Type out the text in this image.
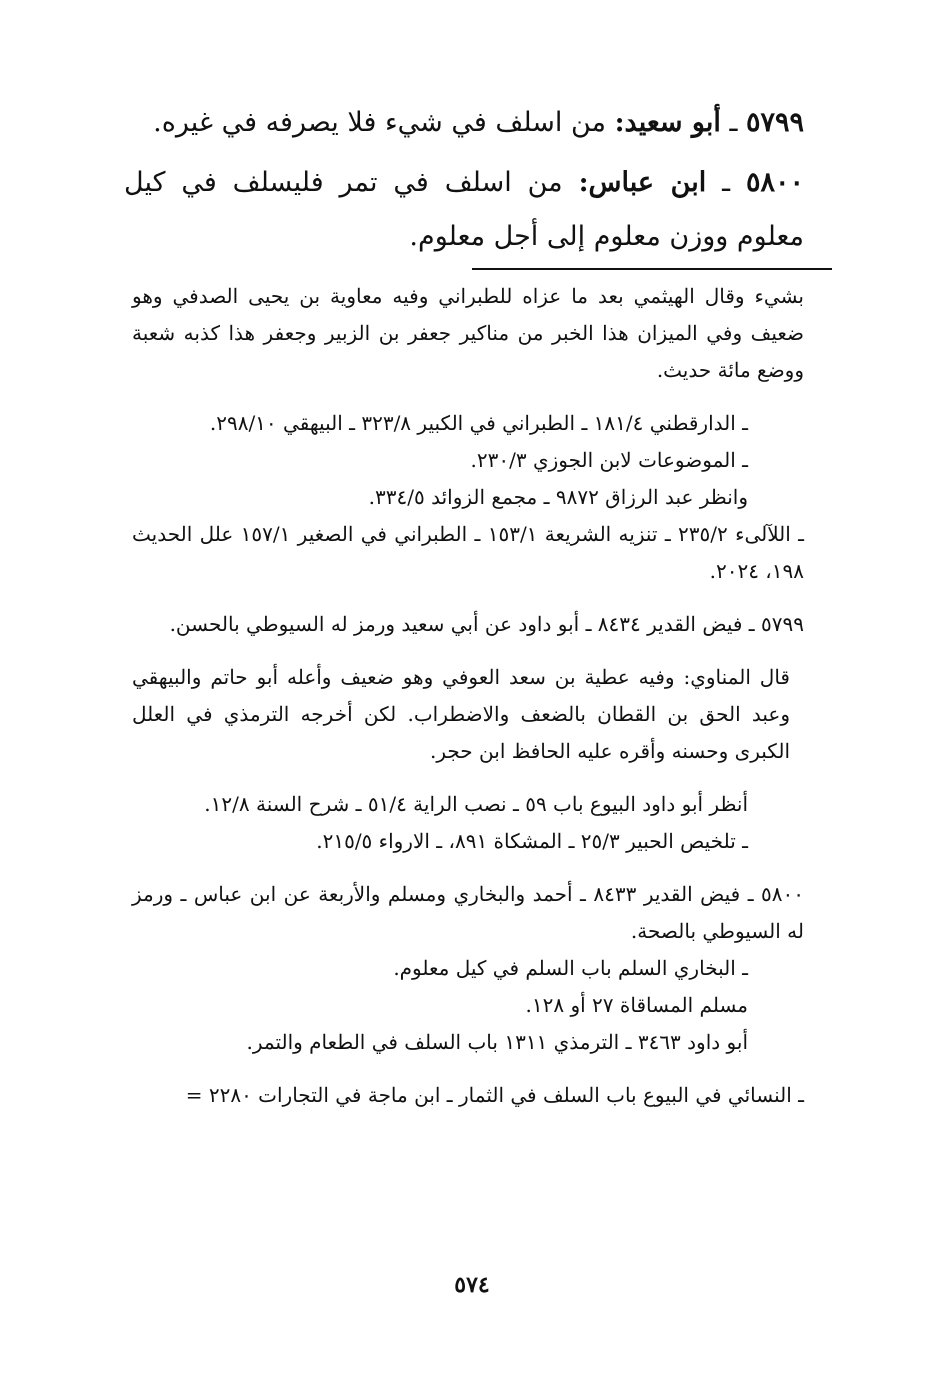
٥٧٩٩ ـ أبو سعيد: من اسلف في شيء فلا يصرفه في غيره.

٥٨٠٠ ـ ابن عباس: من اسلف في تمر فليسلف في كيل معلوم ووزن معلوم إلى أجل معلوم.

بشيء وقال الهيثمي بعد ما عزاه للطبراني وفيه معاوية بن يحيى الصدفي وهو ضعيف وفي الميزان هذا الخبر من مناكير جعفر بن الزبير وجعفر هذا كذبه شعبة ووضع مائة حديث.
ـ الدارقطني ١٨١/٤ ـ الطبراني في الكبير ٣٢٣/٨ ـ البيهقي ٢٩٨/١٠.
ـ الموضوعات لابن الجوزي ٢٣٠/٣.
وانظر عبد الرزاق ٩٨٧٢ ـ مجمع الزوائد ٣٣٤/٥.
ـ اللآلىء ٢٣٥/٢ ـ تنزيه الشريعة ١٥٣/١ ـ الطبراني في الصغير ١٥٧/١ علل الحديث ١٩٨، ٢٠٢٤.
٥٧٩٩ ـ فيض القدير ٨٤٣٤ ـ أبو داود عن أبي سعيد ورمز له السيوطي بالحسن.
قال المناوي: وفيه عطية بن سعد العوفي وهو ضعيف وأعله أبو حاتم والبيهقي وعبد الحق بن القطان بالضعف والاضطراب. لكن أخرجه الترمذي في العلل الكبرى وحسنه وأقره عليه الحافظ ابن حجر.
أنظر أبو داود البيوع باب ٥٩ ـ نصب الراية ٥١/٤ ـ شرح السنة ١٢/٨.
ـ تلخيص الحبير ٢٥/٣ ـ المشكاة ٨٩١، ـ الارواء ٢١٥/٥.
٥٨٠٠ ـ فيض القدير ٨٤٣٣ ـ أحمد والبخاري ومسلم والأربعة عن ابن عباس ـ ورمز له السيوطي بالصحة.
ـ البخاري السلم باب السلم في كيل معلوم.
مسلم المساقاة ٢٧ أو ١٢٨.
أبو داود ٣٤٦٣ ـ الترمذي ١٣١١ باب السلف في الطعام والتمر.
ـ النسائي في البيوع باب السلف في الثمار ـ ابن ماجة في التجارات ٢٢٨٠ =
٥٧٤
